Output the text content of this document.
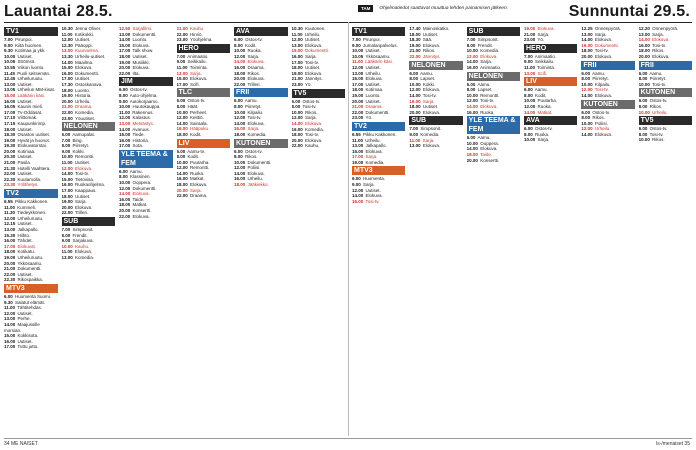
Lauantai 28.5.	TAM	Ohjelmatiedot saattavat muuttua lehden painamisen jälkeen.	Sunnuntai 29.5.
TV1
7.00 Pirunpoi.
9.00 Kiitä huomen.
9.30 Kotimaa ja ykk.
10.00 Uutiset.
10.05 Strömsö.
10.55 Viikon luonto.
11.45 Puoli seitsemän.
12.45 Urheiluruutu.
13.00 Uutiset.
13.05 Urheilun MM-kisat.
15.00 Lääkärin käsi.
16.00 Uutiset.
16.05 Kaunis mieli.
17.00 Tv-Oddasat.
17.10 Viittomak.
17.15 Kaupunkirimp.
18.00 Uutiset.
18.30 Osaston uutiset.
19.00 Hyvät ja huonot.
19.30 Elokuvatorstai.
20.00 Kotimaa.
20.30 Uutiset.
21.00 Pasila.
21.30 Hotelli Vaahtera.
22.00 Uutiset.
22.30 Kuutamolla.
23.30 Yölähetys.
TV2
6.55 Pikku Kakkonen.
11.00 Kummeli.
11.30 Tiedeykkönen.
12.00 Urheiluruutu.
12.15 Uutiset.
13.00 Jalkapallo.
15.30 Hiihto.
16.00 Tähdet.
17.00 Elokuvat.
18.00 Kotikatu.
19.00 Urheiluruutu.
20.00 Ykkösaamu.
21.00 Dokumentti.
22.00 Uutiset.
22.30 Rikospaikka.
MTV3
6.00 Huomenta Suomi.
9.30 Salatut elämät.
11.00 Tähtitehdas.
12.00 Uutiset.
13.00 Perhe.
14.00 Maajussille morsian.
15.00 Kokkisota.
16.00 Uutiset.
17.00 Tuttu juttu.
10.30 Jenna Oliver.
11.00 Kotikokki.
12.00 Uutiset.
12.30 Pääoppi.
13.00 Kuunnelma.
13.30 Urheilu-uutiset.
14.00 Maailma.
15.00 Elokuva.
16.00 Dokumentti.
17.00 Uutiset.
17.30 Ostoskanava.
18.00 Luonto.
19.00 Historia.
20.00 Urheilu.
21.00 Draama.
22.00 Komedia.
23.00 Yöuutiset.
NELONEN
6.00 Aamupalat.
7.00 Bing.
8.00 Piirretyt.
9.00 Kokki.
10.00 Remontti.
11.00 Uutiset.
12.00 Elokuva.
14.00 Tosi-tv.
15.00 Tietovisa.
16.00 Ruokaohjelma.
17.00 Kaappaus.
18.00 Uutiset.
19.00 Sarja.
20.00 Elokuva.
22.00 Trilleri.
SUB
7.00 Simpsonit.
8.00 Frendit.
9.00 Sarjakuva.
10.00 Kauhu.
11.00 Elokuva.
13.00 Komedia.
12.50 Sarjafilmi.
13.00 Dokumentti.
14.00 Luonto.
15.00 Elokuva.
17.00 Talk show.
18.00 Uutiset.
19.00 Musiikki.
20.00 Elokuva.
22.00 Ilta.
JIM
6.00 Ostos-tv.
8.00 Auto-ohjelma.
9.00 Autokorjaamo.
10.00 Huutokauppa.
11.00 Rakennus.
12.00 Kalastus.
13.00 Metsästys.
14.00 Avaruus.
15.00 Tiede.
16.00 Historia.
17.00 Sota.
YLE TEEMA & FEM
6.00 Aamu.
8.00 Klassinen.
10.00 Ooppera.
12.00 Dokumentti.
14.00 Elokuva.
16.00 Taide.
18.00 Matkat.
20.00 Konsertti.
22.00 Elokuva.
21.00 Kauhu.
22.00 Hirviö.
23.00 Yöohjelma.
HERO
7.00 Animaatio.
9.00 Seikkailu.
11.00 Toiminta.
13.00 Sarja.
15.00 Elokuva.
17.00 Scifi.
TLC
6.00 Ostos-tv.
8.00 Häät.
10.00 Perheet.
12.00 Keittiö.
14.00 Sairaala.
16.00 Hääpuku.
18.00 Kodit.
LIV
6.00 Aamu-tv.
8.00 Kodit.
10.00 Puutarha.
12.00 Remontti.
14.00 Ruoka.
16.00 Matkat.
18.00 Elokuva.
20.00 Sarja.
22.00 Draama.
AVA
6.00 Ostos-tv.
8.00 Kodit.
10.00 Ruoka.
12.00 Sarja.
14.00 Elokuva.
16.00 Draama.
18.00 Rikos.
20.00 Elokuva.
22.00 Trilleri.
FRII
6.00 Aamu.
8.00 Piirretyt.
10.00 Kilpailu.
12.00 Tosi-tv.
14.00 Elokuva.
16.00 Sarja.
18.00 Komedia.
KUTONEN
6.00 Ostos-tv.
8.00 Rikos.
10.00 Dokumentti.
12.00 Poliisi.
14.00 Elokuva.
16.00 Urheilu.
18.00 Jääkiekko.
10.30 Kuutonen.
11.00 Urheilu.
12.00 Uutiset.
13.00 Elokuva.
15.00 Dokumentti.
16.00 Sarja.
17.00 Tosi-tv.
18.00 Uutiset.
19.00 Elokuva.
21.00 Jännitys.
23.00 Yö.
TV5
6.00 Ostos-tv.
8.00 Tosi-tv.
10.00 Rikos.
12.00 Sarja.
14.00 Elokuva.
16.00 Komedia.
18.00 Tosi-tv.
20.00 Elokuva.
22.00 Kauhu.
TV1
7.00 Pirunpoi.
9.00 Jumalanpalvelus.
10.00 Uutiset.
10.05 Ykkösaamu.
11.00 Lääkärin käsi.
12.00 Uutiset.
13.00 Urheilu.
15.00 Elokuva.
17.00 Uutiset.
18.00 Kotimaa.
19.00 Luonto.
20.00 Uutiset.
21.00 Draama.
22.00 Dokumentti.
23.00 Yö.
TV2
6.55 Pikku Kakkonen.
11.00 Urheilu.
13.00 Jalkapallo.
15.00 Elokuva.
17.00 Sarja.
19.00 Komedia.
MTV3
6.00 Huomenta.
9.00 Sarja.
12.00 Uutiset.
14.00 Elokuva.
16.00 Tosi-tv.
17.40 Mainoskatko.
18.00 Uutiset.
18.30 Sää.
19.00 Elokuva.
21.00 Rikos.
22.00 Jännitys.
NELONEN
6.00 Aamu.
8.00 Lapset.
10.00 Kokki.
12.00 Elokuva.
14.00 Tosi-tv.
16.00 Sarja.
18.00 Uutiset.
20.00 Elokuva.
SUB
7.00 Simpsonit.
9.00 Komedia.
11.00 Sarja.
13.00 Elokuva.
SUB
7.00 Simpsonit.
8.00 Frendit.
10.00 Komedia.
12.00 Elokuva.
14.00 Sarja.
16.00 Animaatio.
NELONEN
6.00 Aamu.
8.00 Lapset.
10.00 Remontti.
12.00 Tosi-tv.
14.00 Elokuva.
16.00 Ruoka.
YLE TEEMA & FEM
6.00 Aamu.
10.00 Ooppera.
14.00 Elokuva.
18.00 Taide.
20.00 Konsertti.
19.00 Elokuva.
21.00 Sarja.
23.00 Yö.
HERO
7.00 Animaatio.
9.00 Seikkailu.
11.00 Toiminta.
13.00 Scifi.
LIV
6.00 Aamu.
8.00 Kodit.
10.00 Puutarha.
12.00 Ruoka.
14.00 Matkat.
AVA
6.00 Ostos-tv.
8.00 Ruoka.
10.00 Sarja.
12.25 Onnenpyörä.
13.00 Sarja.
14.00 Elokuva.
16.00 Dokumentti.
18.00 Tosi-tv.
20.00 Elokuva.
FRII
6.00 Aamu.
8.00 Piirretyt.
10.00 Kilpailu.
12.00 Tosi-tv.
14.00 Elokuva.
KUTONEN
6.00 Ostos-tv.
8.00 Rikos.
10.00 Poliisi.
12.00 Urheilu.
14.00 Elokuva.
12.20 Onnenpyörä.
13.00 Sarja.
14.00 Elokuva.
16.00 Tosi-tv.
18.00 Rikos.
20.00 Elokuva.
FRII
6.00 Aamu.
8.00 Piirretyt.
10.00 Tosi-tv.
KUTONEN
6.00 Ostos-tv.
8.00 Rikos.
10.00 Urheilu.
TV5
6.00 Ostos-tv.
8.00 Tosi-tv.
10.00 Rikos.
34 ME NAISET	ls-/menaiset 35
